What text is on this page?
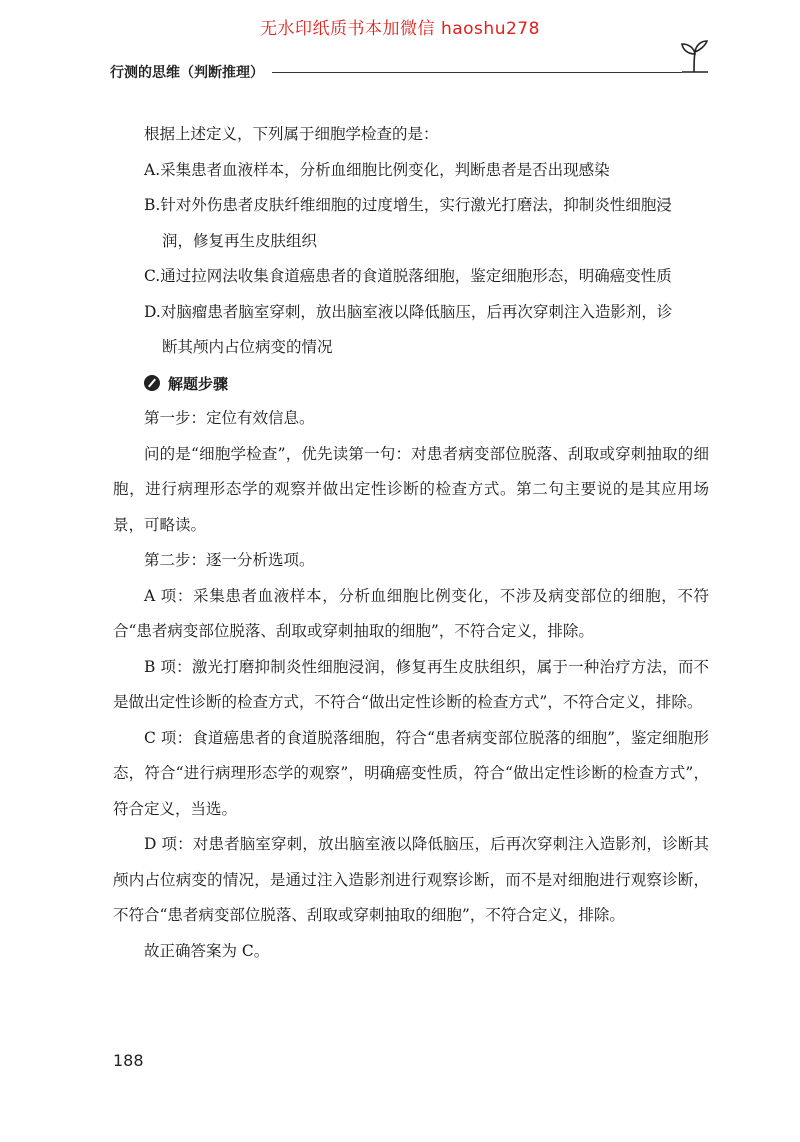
无水印纸质书本加微信 haoshu278
行测的思维（判断推理）

根据上述定义，下列属于细胞学检查的是：

A.采集患者血液样本，分析血细胞比例变化，判断患者是否出现感染

B.针对外伤患者皮肤纤维细胞的过度增生，实行激光打磨法，抑制炎性细胞浸
润，修复再生皮肤组织

C.通过拉网法收集食道癌患者的食道脱落细胞，鉴定细胞形态，明确癌变性质

D.对脑瘤患者脑室穿刺，放出脑室液以降低脑压，后再次穿刺注入造影剂，诊
断其颅内占位病变的情况

解题步骤

第一步：定位有效信息。

问的是“细胞学检查”，优先读第一句：对患者病变部位脱落、刮取或穿刺抽取的细胞，进行病理形态学的观察并做出定性诊断的检查方式。第二句主要说的是其应用场景，可略读。

第二步：逐一分析选项。

A 项：采集患者血液样本，分析血细胞比例变化，不涉及病变部位的细胞，不符合“患者病变部位脱落、刮取或穿刺抽取的细胞”，不符合定义，排除。

B 项：激光打磨抑制炎性细胞浸润，修复再生皮肤组织，属于一种治疗方法，而不是做出定性诊断的检查方式，不符合“做出定性诊断的检查方式”，不符合定义，排除。

C 项：食道癌患者的食道脱落细胞，符合“患者病变部位脱落的细胞”，鉴定细胞形态，符合“进行病理形态学的观察”，明确癌变性质，符合“做出定性诊断的检查方式”，符合定义，当选。

D 项：对患者脑室穿刺，放出脑室液以降低脑压，后再次穿刺注入造影剂，诊断其颅内占位病变的情况，是通过注入造影剂进行观察诊断，而不是对细胞进行观察诊断，不符合“患者病变部位脱落、刮取或穿刺抽取的细胞”，不符合定义，排除。

故正确答案为 C。

188
